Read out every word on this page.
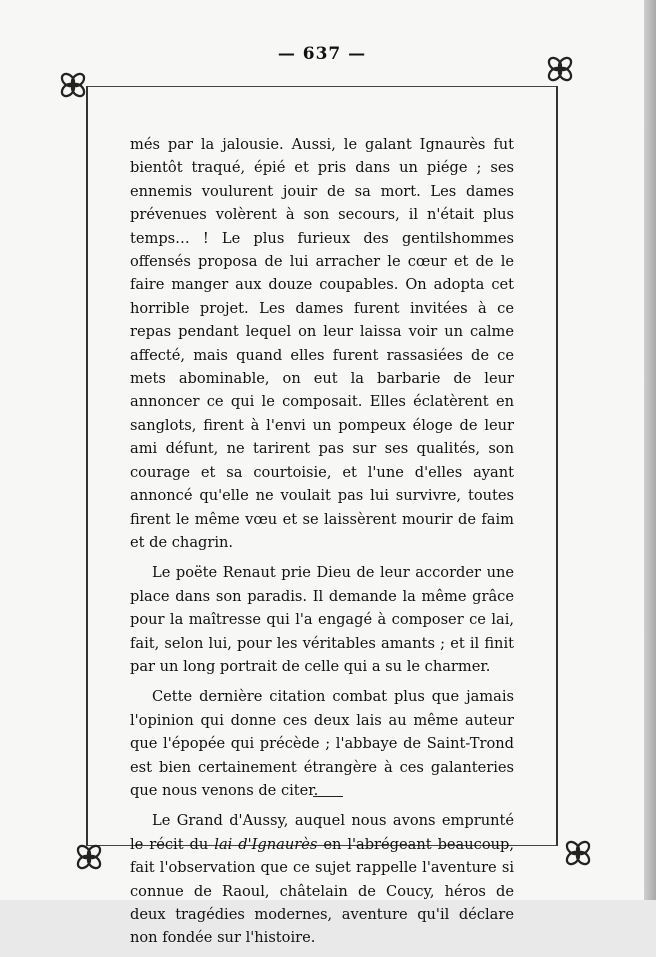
— 637 —

més par la jalousie. Aussi, le galant Ignaurès fut bientôt traqué, épié et pris dans un piége ; ses ennemis voulurent jouir de sa mort. Les dames prévenues volèrent à son secours, il n'était plus temps… ! Le plus furieux des gentilshommes offensés proposa de lui arracher le cœur et de le faire manger aux douze coupables. On adopta cet horrible projet. Les dames furent invitées à ce repas pendant lequel on leur laissa voir un calme affecté, mais quand elles furent rassasiées de ce mets abominable, on eut la barbarie de leur annoncer ce qui le composait. Elles éclatèrent en sanglots, firent à l'envi un pompeux éloge de leur ami défunt, ne tarirent pas sur ses qualités, son courage et sa courtoisie, et l'une d'elles ayant annoncé qu'elle ne voulait pas lui survivre, toutes firent le même vœu et se laissèrent mourir de faim et de chagrin.

Le poëte Renaut prie Dieu de leur accorder une place dans son paradis. Il demande la même grâce pour la maîtresse qui l'a engagé à composer ce lai, fait, selon lui, pour les véritables amants ; et il finit par un long portrait de celle qui a su le charmer.

Cette dernière citation combat plus que jamais l'opinion qui donne ces deux lais au même auteur que l'épopée qui précède ; l'abbaye de Saint-Trond est bien certainement étrangère à ces galanteries que nous venons de citer.

Le Grand d'Aussy, auquel nous avons emprunté le récit du lai d'Ignaurès en l'abrégeant beaucoup, fait l'observation que ce sujet rappelle l'aventure si connue de Raoul, châtelain de Coucy, héros de deux tragédies modernes, aventure qu'il déclare non fondée sur l'histoire.
